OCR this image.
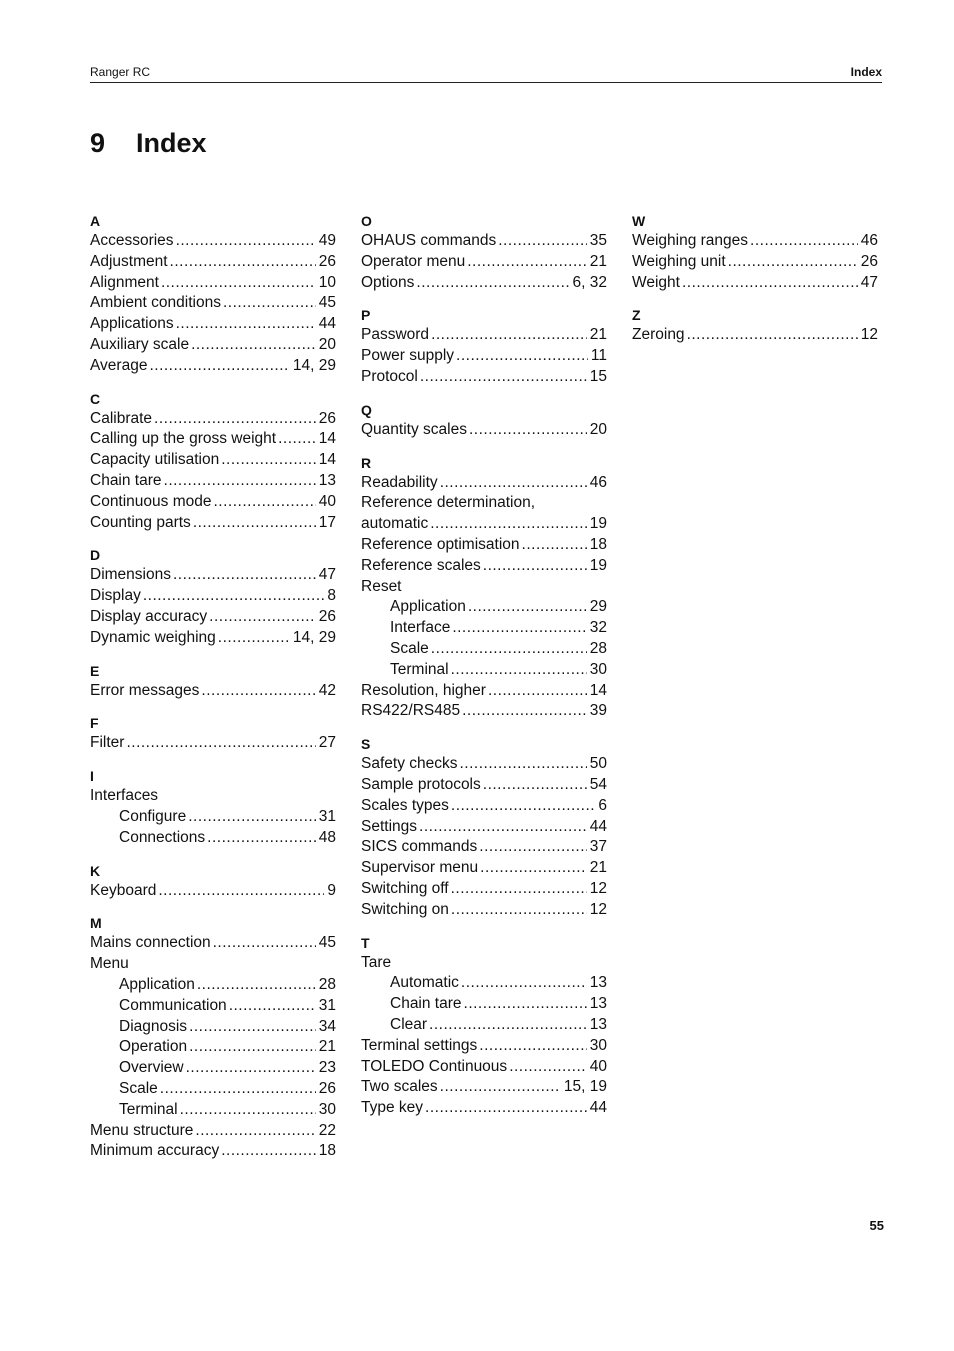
Ranger RC	Index
9 Index
A
Accessories .....	49
Adjustment .....	26
Alignment .....	10
Ambient conditions .....	45
Applications .....	44
Auxiliary scale .....	20
Average .....	14, 29
C
Calibrate .....	26
Calling up the gross weight .....	14
Capacity utilisation .....	14
Chain tare .....	13
Continuous mode .....	40
Counting parts .....	17
D
Dimensions .....	47
Display .....	8
Display accuracy .....	26
Dynamic weighing .....	14, 29
E
Error messages .....	42
F
Filter .....	27
I
Interfaces
Configure .....	31
Connections .....	48
K
Keyboard .....	9
M
Mains connection .....	45
Menu
Application .....	28
Communication .....	31
Diagnosis .....	34
Operation .....	21
Overview .....	23
Scale .....	26
Terminal .....	30
Menu structure .....	22
Minimum accuracy .....	18
O
OHAUS commands .....	35
Operator menu .....	21
Options .....	6, 32
P
Password .....	21
Power supply .....	11
Protocol .....	15
Q
Quantity scales .....	20
R
Readability .....	46
Reference determination,
automatic .....	19
Reference optimisation .....	18
Reference scales .....	19
Reset
Application .....	29
Interface .....	32
Scale .....	28
Terminal .....	30
Resolution, higher .....	14
RS422/RS485 .....	39
S
Safety checks .....	50
Sample protocols .....	54
Scales types .....	6
Settings .....	44
SICS commands .....	37
Supervisor menu .....	21
Switching off .....	12
Switching on .....	12
T
Tare
Automatic .....	13
Chain tare .....	13
Clear .....	13
Terminal settings .....	30
TOLEDO Continuous .....	40
Two scales .....	15, 19
Type key .....	44
W
Weighing ranges .....	46
Weighing unit .....	26
Weight .....	47
Z
Zeroing .....	12
55
